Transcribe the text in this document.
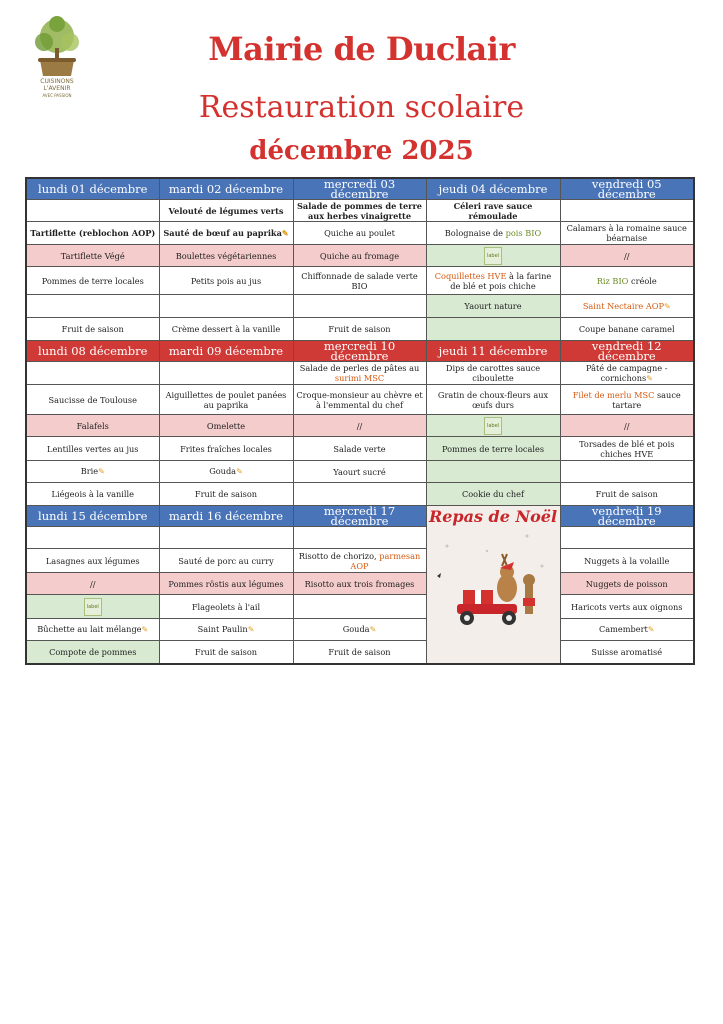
CUISINONS
L'AVENIR
AVEC PASSION
Mairie de Duclair
Restauration scolaire
décembre 2025
lundi 01 décembre	mardi 02 décembre	mercredi 03 décembre	jeudi 04 décembre	vendredi 05 décembre
	Velouté de légumes verts	Salade de pommes de terre aux herbes vinaigrette	Céleri rave sauce rémoulade	
Tartiflette (reblochon AOP)	Sauté de bœuf au paprika✎	Quiche au poulet	Bolognaise de pois BIO	Calamars à la romaine sauce béarnaise
Tartiflette Végé	Boulettes végétariennes	Quiche au fromage	label	//
Pommes de terre locales	Petits pois au jus	Chiffonnade de salade verte BIO	Coquillettes HVE à la farine de blé et pois chiche	Riz BIO créole
			Yaourt nature	Saint Nectaire AOP✎
Fruit de saison	Crème dessert à la vanille	Fruit de saison		Coupe banane caramel
lundi 08 décembre	mardi 09 décembre	mercredi 10 décembre	jeudi 11 décembre	vendredi 12 décembre
		Salade de perles de pâtes au surimi MSC	Dips de carottes sauce ciboulette	Pâté de campagne - cornichons✎
Saucisse de Toulouse	Aiguillettes de poulet panées au paprika	Croque-monsieur au chèvre et à l'emmental du chef	Gratin de choux-fleurs aux œufs durs	Filet de merlu MSC sauce tartare
Falafels	Omelette	//	label	//
Lentilles vertes au jus	Frites fraîches locales	Salade verte	Pommes de terre locales	Torsades de blé et pois chiches HVE
Brie✎	Gouda✎	Yaourt sucré		
Liégeois à la vanille	Fruit de saison		Cookie du chef	Fruit de saison
lundi 15 décembre	mardi 16 décembre	mercredi 17 décembre	Repas de Noël	vendredi 19 décembre

Lasagnes aux légumes	Sauté de porc au curry	Risotto de chorizo, parmesan AOP		Nuggets à la volaille
//	Pommes röstis aux légumes	Risotto aux trois fromages		Nuggets de poisson
label	Flageolets à l'ail			Haricots verts aux oignons
Bûchette au lait mélange✎	Saint Paulin✎	Gouda✎		Camembert✎
Compote de pommes	Fruit de saison	Fruit de saison		Suisse aromatisé
